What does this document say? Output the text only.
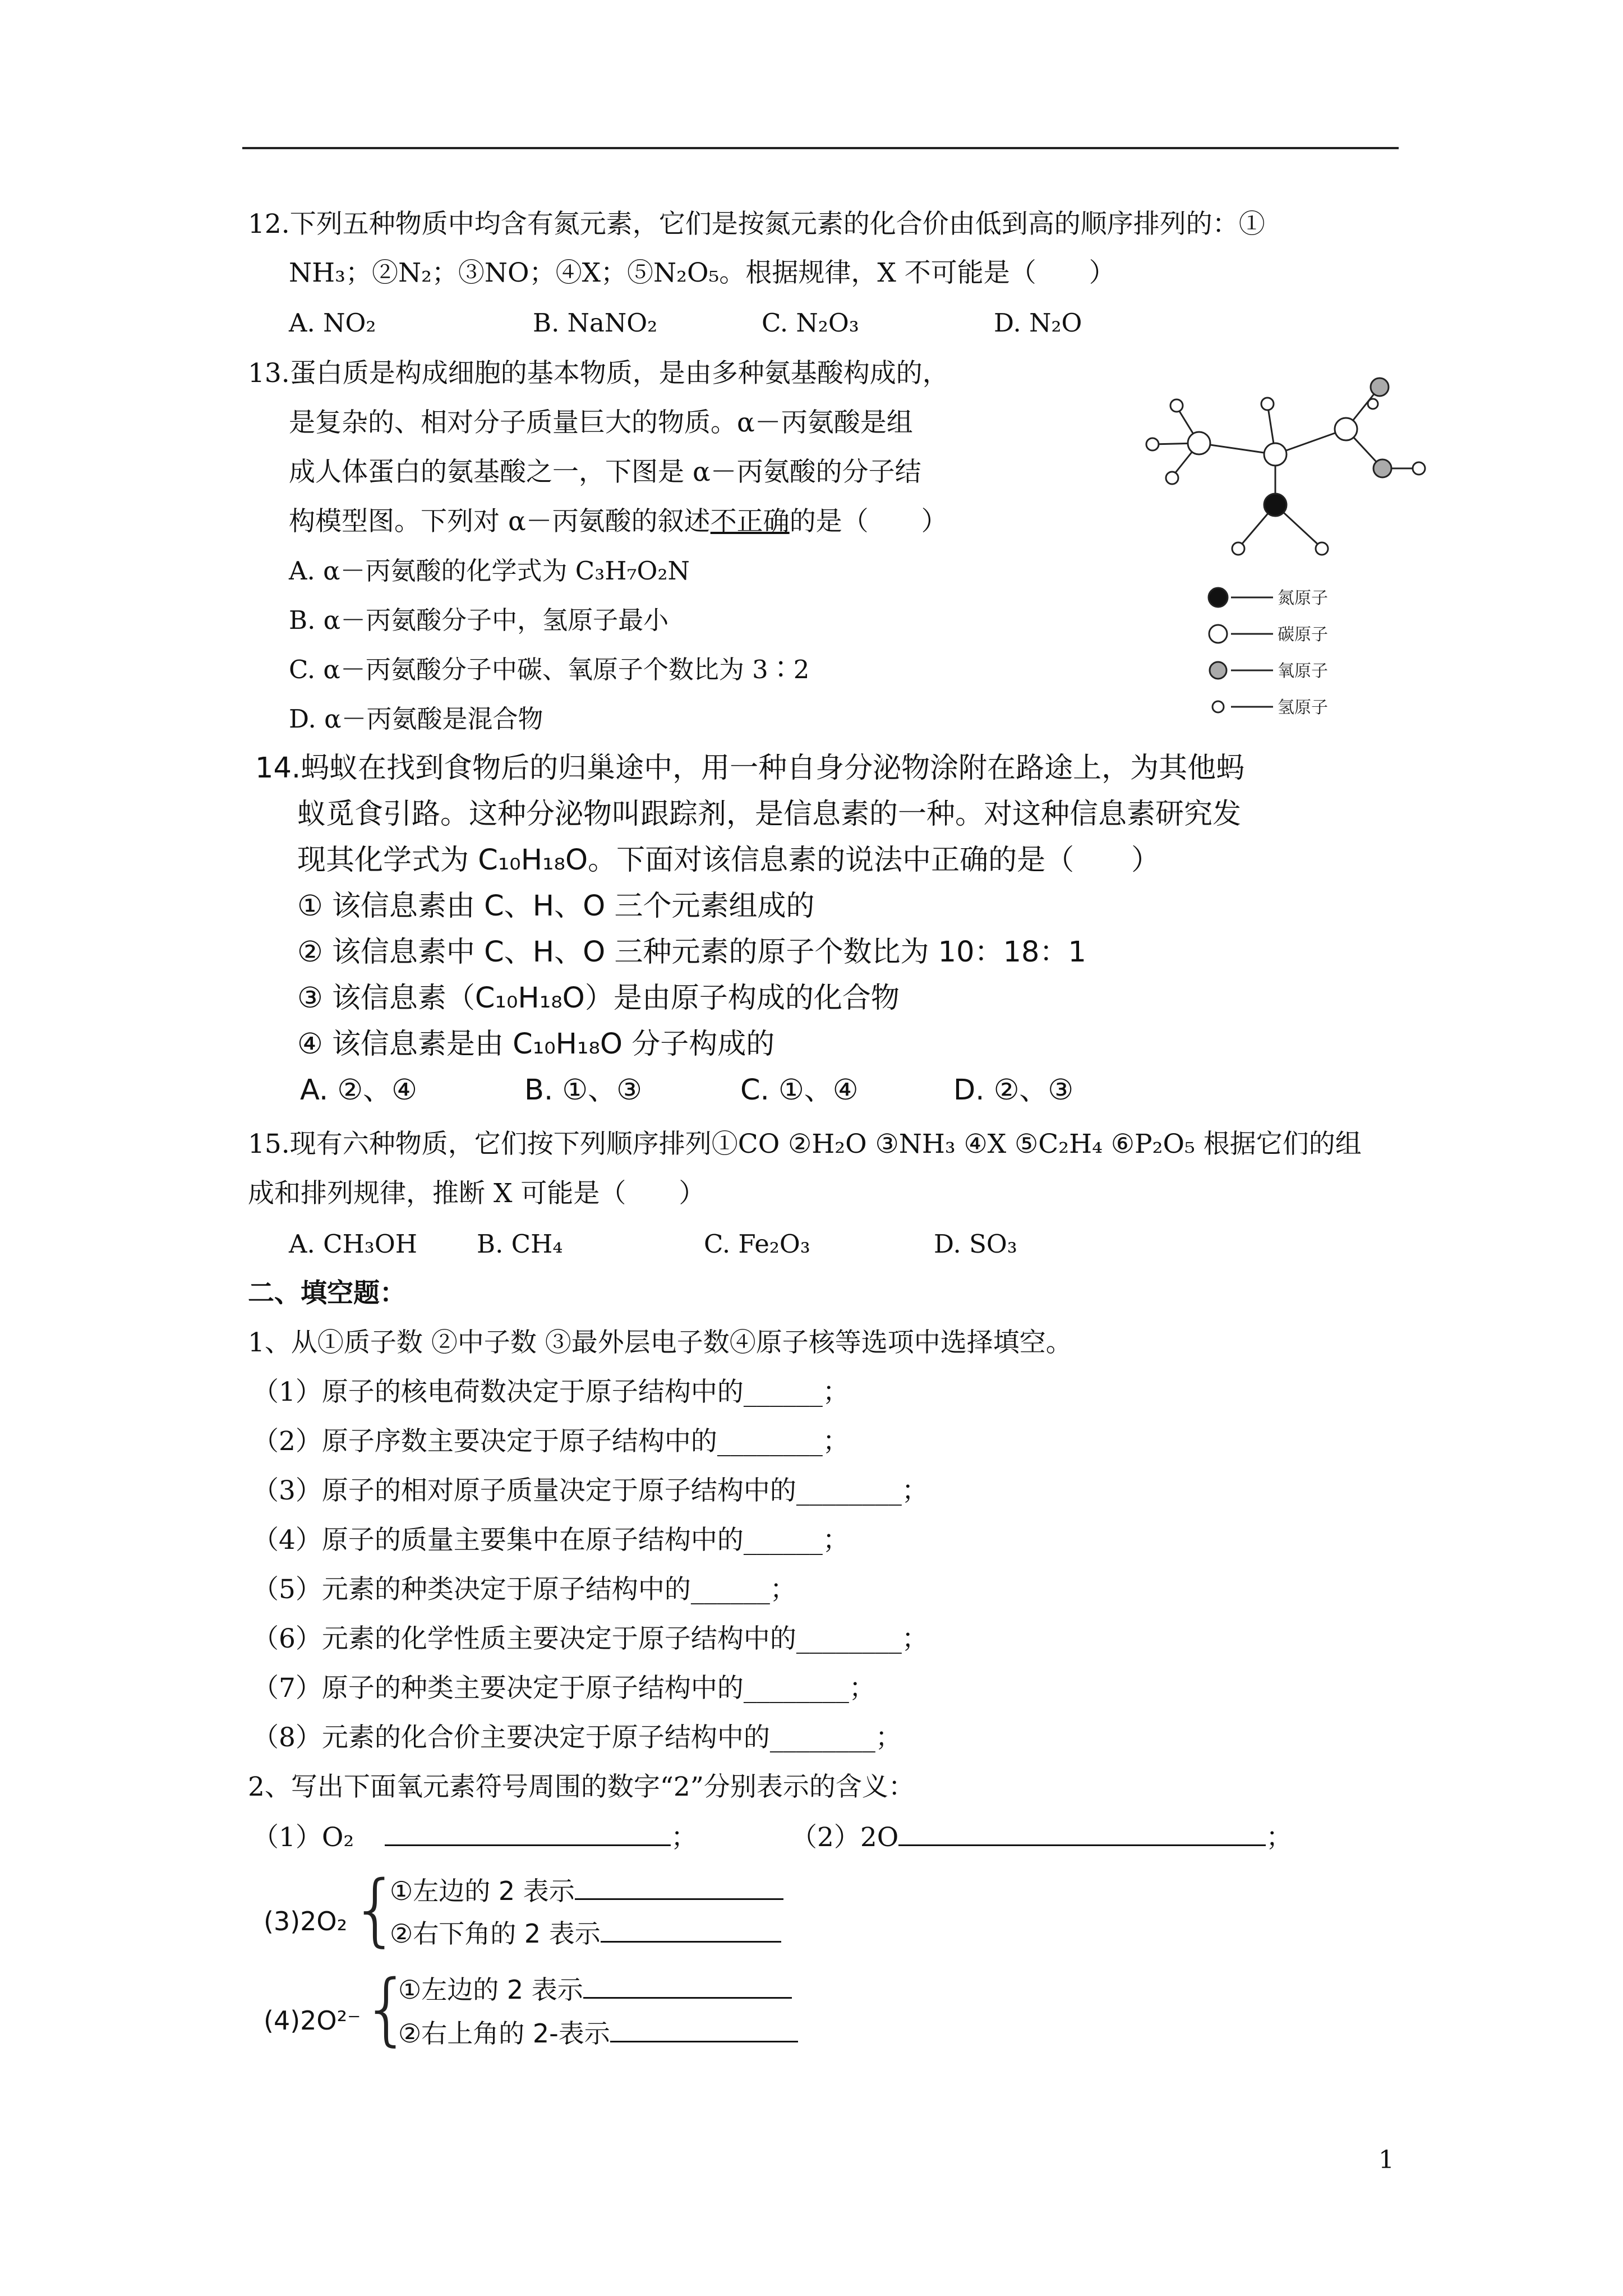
12.下列五种物质中均含有氮元素，它们是按氮元素的化合价由低到高的顺序排列的：①
NH₃；②N₂；③NO；④X；⑤N₂O₅。根据规律，X 不可能是（　　）
A. NO₂	B. NaNO₂	C. N₂O₃	D. N₂O
13.蛋白质是构成细胞的基本物质，是由多种氨基酸构成的，
是复杂的、相对分子质量巨大的物质。α－丙氨酸是组
成人体蛋白的氨基酸之一，下图是 α－丙氨酸的分子结
构模型图。下列对 α－丙氨酸的叙述不正确的是（　　）
A. α－丙氨酸的化学式为 C₃H₇O₂N
B. α－丙氨酸分子中，氢原子最小
C. α－丙氨酸分子中碳、氧原子个数比为 3∶2
D. α－丙氨酸是混合物
氮原子
碳原子
氧原子
氢原子
14.蚂蚁在找到食物后的归巢途中，用一种自身分泌物涂附在路途上，为其他蚂
蚁觅食引路。这种分泌物叫跟踪剂，是信息素的一种。对这种信息素研究发
现其化学式为 C₁₀H₁₈O。下面对该信息素的说法中正确的是（　　）
① 该信息素由 C、H、O 三个元素组成的
② 该信息素中 C、H、O 三种元素的原子个数比为 10：18：1
③ 该信息素（C₁₀H₁₈O）是由原子构成的化合物
④ 该信息素是由 C₁₀H₁₈O 分子构成的
A. ②、④	B. ①、③	C. ①、④	D. ②、③
15.现有六种物质，它们按下列顺序排列①CO ②H₂O ③NH₃ ④X ⑤C₂H₄ ⑥P₂O₅ 根据它们的组
成和排列规律，推断 X 可能是（　　）
A. CH₃OH B. CH₄	C. Fe₂O₃	D. SO₃
二、填空题：
1、从①质子数 ②中子数 ③最外层电子数④原子核等选项中选择填空。
（1）原子的核电荷数决定于原子结构中的______；
（2）原子序数主要决定于原子结构中的________；
（3）原子的相对原子质量决定于原子结构中的________；
（4）原子的质量主要集中在原子结构中的______；
（5）元素的种类决定于原子结构中的______；
（6）元素的化学性质主要决定于原子结构中的________；
（7）原子的种类主要决定于原子结构中的________；
（8）元素的化合价主要决定于原子结构中的________；
2、写出下面氧元素符号周围的数字“2”分别表示的含义：
（1）O₂	；	（2）2O	；
(3)2O₂ {
①左边的 2 表示
②右下角的 2 表示
(4)2O²⁻ {
①左边的 2 表示
②右上角的 2-表示
1
